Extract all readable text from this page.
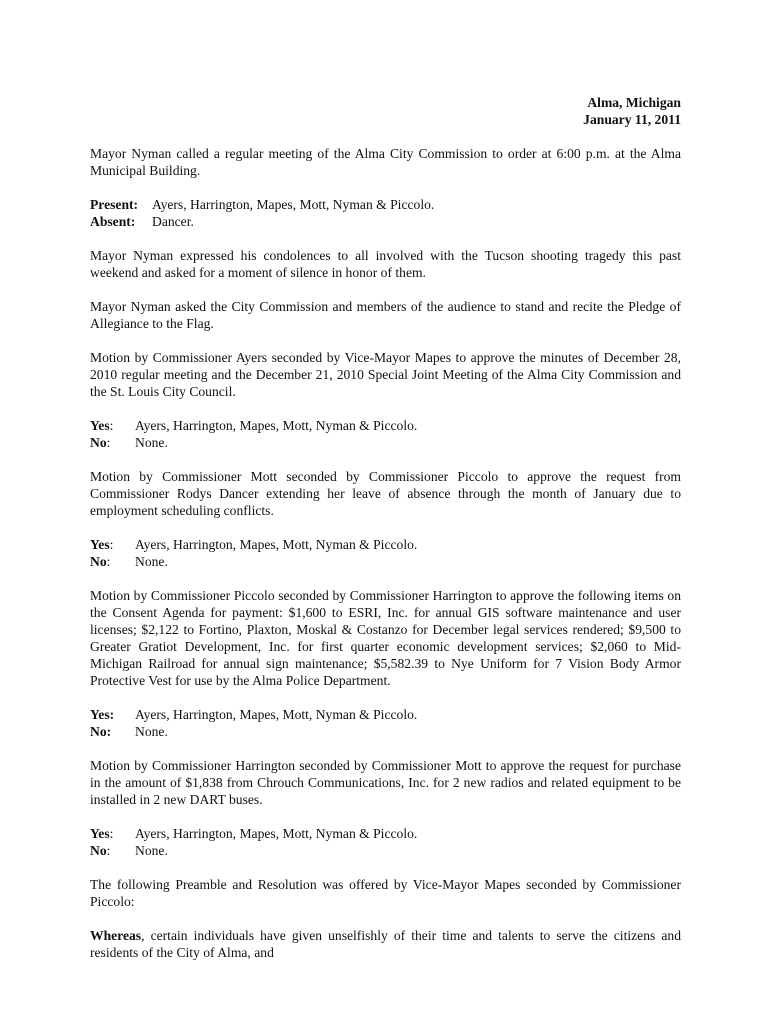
Alma, Michigan
January 11, 2011

Mayor Nyman called a regular meeting of the Alma City Commission to order at 6:00 p.m. at the Alma Municipal Building.

Present:	Ayers, Harrington, Mapes, Mott, Nyman & Piccolo.
Absent:	Dancer.

Mayor Nyman expressed his condolences to all involved with the Tucson shooting tragedy this past weekend and asked for a moment of silence in honor of them.

Mayor Nyman asked the City Commission and members of the audience to stand and recite the Pledge of Allegiance to the Flag.

Motion by Commissioner Ayers seconded by Vice-Mayor Mapes to approve the minutes of December 28, 2010 regular meeting and the December 21, 2010 Special Joint Meeting of the Alma City Commission and the St. Louis City Council.

Yes:	Ayers, Harrington, Mapes, Mott, Nyman & Piccolo.
No:	None.

Motion by Commissioner Mott seconded by Commissioner Piccolo to approve the request from Commissioner Rodys Dancer extending her leave of absence through the month of January due to employment scheduling conflicts.

Yes:	Ayers, Harrington, Mapes, Mott, Nyman & Piccolo.
No:	None.

Motion by Commissioner Piccolo seconded by Commissioner Harrington to approve the following items on the Consent Agenda for payment: $1,600 to ESRI, Inc. for annual GIS software maintenance and user licenses; $2,122 to Fortino, Plaxton, Moskal & Costanzo for December legal services rendered; $9,500 to Greater Gratiot Development, Inc. for first quarter economic development services; $2,060 to Mid-Michigan Railroad for annual sign maintenance; $5,582.39 to Nye Uniform for 7 Vision Body Armor Protective Vest for use by the Alma Police Department.

Yes:	Ayers, Harrington, Mapes, Mott, Nyman & Piccolo.
No:	None.

Motion by Commissioner Harrington seconded by Commissioner Mott to approve the request for purchase in the amount of $1,838 from Chrouch Communications, Inc. for 2 new radios and related equipment to be installed in 2 new DART buses.

Yes:	Ayers, Harrington, Mapes, Mott, Nyman & Piccolo.
No:	None.

The following Preamble and Resolution was offered by Vice-Mayor Mapes seconded by Commissioner Piccolo:

Whereas, certain individuals have given unselfishly of their time and talents to serve the citizens and residents of the City of Alma, and
